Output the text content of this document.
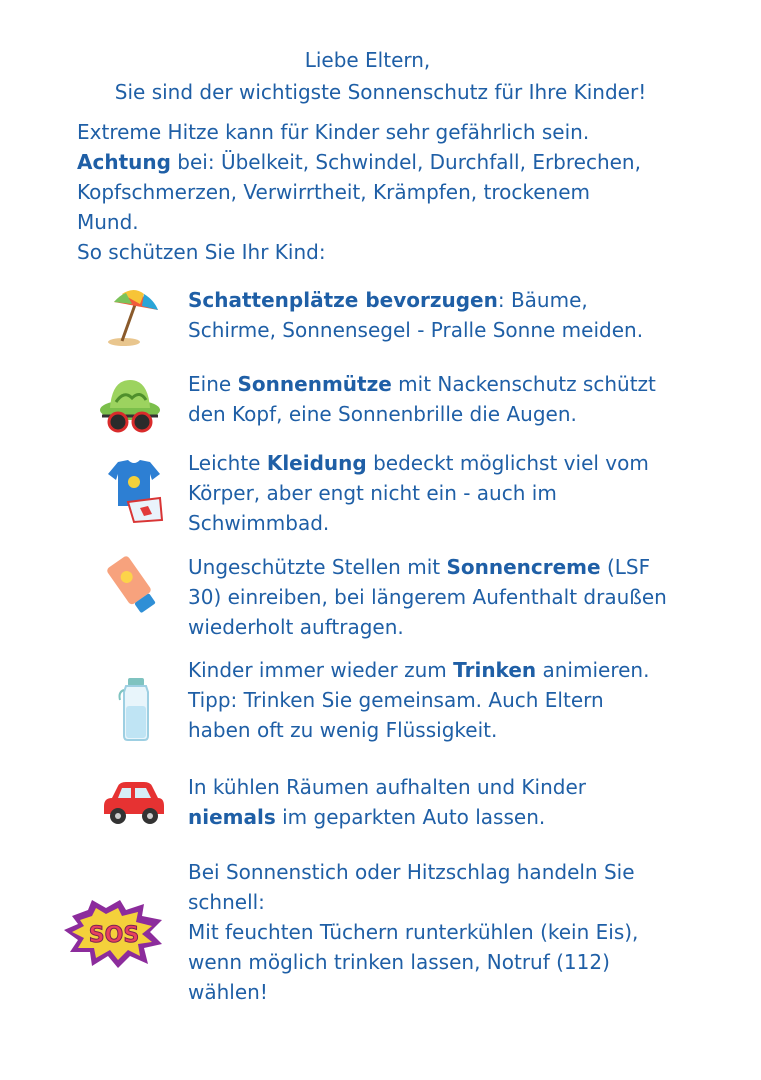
Liebe Eltern,
Sie sind der wichtigste Sonnenschutz für Ihre Kinder!
Extreme Hitze kann für Kinder sehr gefährlich sein.
Achtung bei: Übelkeit, Schwindel, Durchfall, Erbrechen,
Kopfschmerzen, Verwirrtheit, Krämpfen, trockenem
Mund.
So schützen Sie Ihr Kind:
Schattenplätze bevorzugen: Bäume,
Schirme, Sonnensegel - Pralle Sonne meiden.
Eine Sonnenmütze mit Nackenschutz schützt
den Kopf, eine Sonnenbrille die Augen.
Leichte Kleidung bedeckt möglichst viel vom
Körper, aber engt nicht ein - auch im
Schwimmbad.
Ungeschützte Stellen mit Sonnencreme (LSF
30) einreiben, bei längerem Aufenthalt draußen
wiederholt auftragen.
Kinder immer wieder zum Trinken animieren.
Tipp: Trinken Sie gemeinsam. Auch Eltern
haben oft zu wenig Flüssigkeit.
In kühlen Räumen aufhalten und Kinder
niemals im geparkten Auto lassen.
SOS
Bei Sonnenstich oder Hitzschlag handeln Sie
schnell:
Mit feuchten Tüchern runterkühlen (kein Eis),
wenn möglich trinken lassen, Notruf (112)
wählen!
